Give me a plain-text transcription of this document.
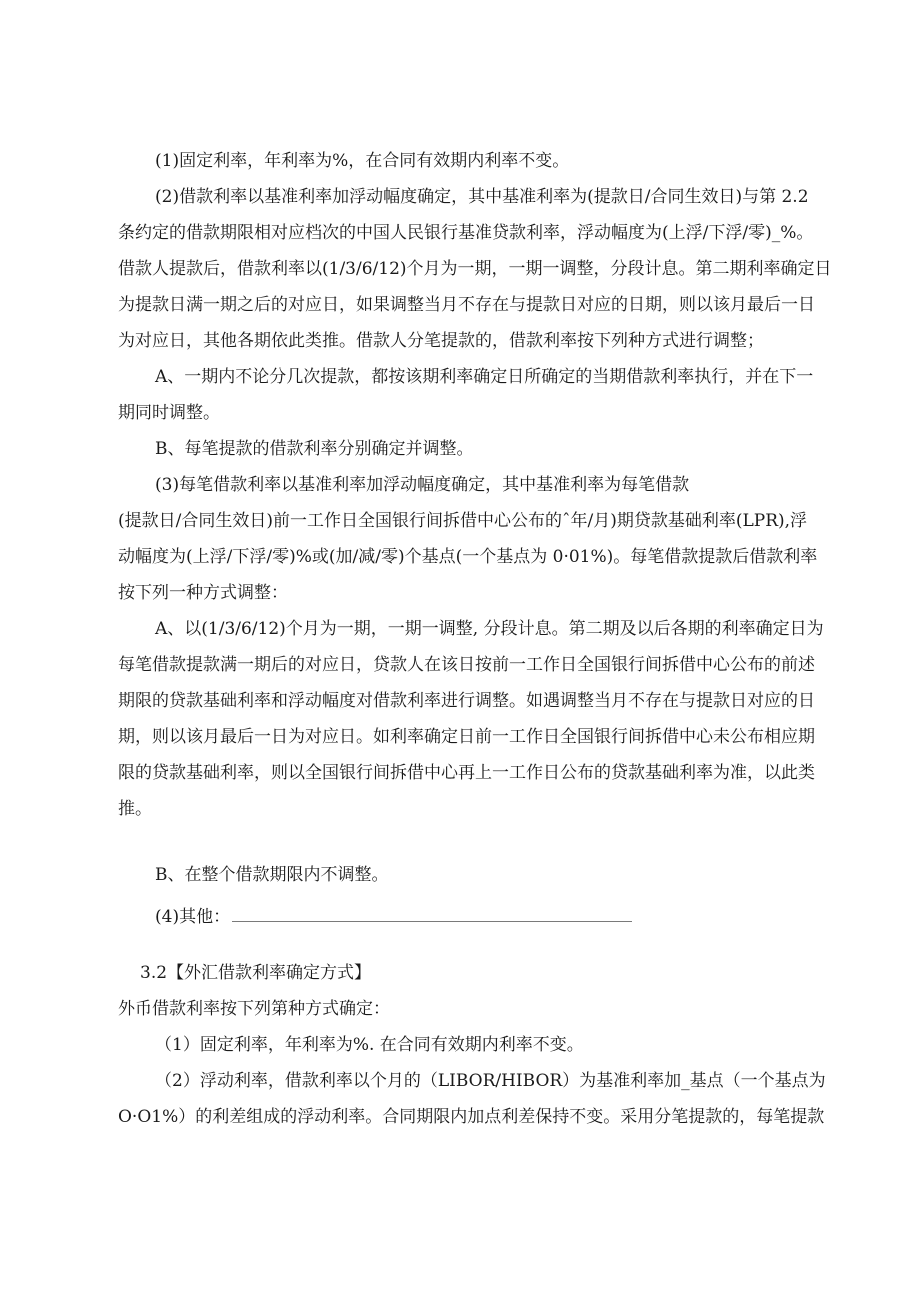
(1)固定利率，年利率为%，在合同有效期内利率不变。
(2)借款利率以基准利率加浮动幅度确定，其中基准利率为(提款日/合同生效日)与第 2.2
条约定的借款期限相对应档次的中国人民银行基准贷款利率，浮动幅度为(上浮/下浮/零)_%。
借款人提款后，借款利率以(1/3/6/12)个月为一期，一期一调整，分段计息。第二期利率确定日
为提款日满一期之后的对应日，如果调整当月不存在与提款日对应的日期，则以该月最后一日
为对应日，其他各期依此类推。借款人分笔提款的，借款利率按下列种方式进行调整；
A、一期内不论分几次提款，都按该期利率确定日所确定的当期借款利率执行，并在下一
期同时调整。
B、每笔提款的借款利率分别确定并调整。
(3)每笔借款利率以基准利率加浮动幅度确定，其中基准利率为每笔借款
(提款日/合同生效日)前一工作日全国银行间拆借中心公布的ˆ年/月)期贷款基础利率(LPR),浮
动幅度为(上浮/下浮/零)%或(加/减/零)个基点(一个基点为 0·01%)。每笔借款提款后借款利率
按下列一种方式调整：
A、以(1/3/6/12)个月为一期，一期一调整, 分段计息。第二期及以后各期的利率确定日为
每笔借款提款满一期后的对应日，贷款人在该日按前一工作日全国银行间拆借中心公布的前述
期限的贷款基础利率和浮动幅度对借款利率进行调整。如遇调整当月不存在与提款日对应的日
期，则以该月最后一日为对应日。如利率确定日前一工作日全国银行间拆借中心未公布相应期
限的贷款基础利率，则以全国银行间拆借中心再上一工作日公布的贷款基础利率为准，以此类
推。
B、在整个借款期限内不调整。
(4)其他：
3.2【外汇借款利率确定方式】
外币借款利率按下列第种方式确定：
（1）固定利率，年利率为%. 在合同有效期内利率不变。
（2）浮动利率，借款利率以个月的（LIBOR/HIBOR）为基准利率加_基点（一个基点为
O·O1%）的利差组成的浮动利率。合同期限内加点利差保持不变。采用分笔提款的，每笔提款
